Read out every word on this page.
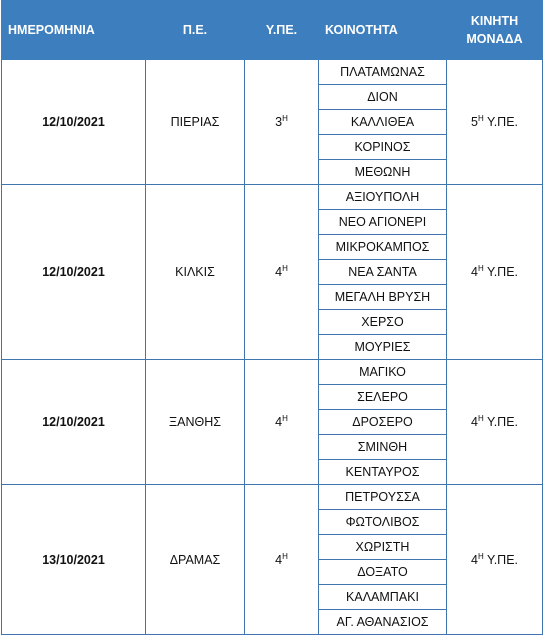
ΗΜΕΡΟΜΗΝΙΑ	Π.Ε.	Υ.ΠΕ.	ΚΟΙΝΟΤΗΤΑ	ΚΙΝΗΤΗ
ΜΟΝΑΔΑ

12/10/2021	ΠΙΕΡΙΑΣ	$3^H$	ΠΛΑΤΑΜΩΝΑΣ	$5^H$ Υ.ΠΕ.
			ΔΙΟΝ	
			ΚΑΛΛΙΘΕΑ	
			ΚΟΡΙΝΟΣ	
			ΜΕΘΩΝΗ	
12/10/2021	ΚΙΛΚΙΣ	$4^H$	ΑΞΙΟΥΠΟΛΗ	$4^H$ Υ.ΠΕ.
			ΝΕΟ ΑΓΙΟΝΕΡΙ	
			ΜΙΚΡΟΚΑΜΠΟΣ	
			ΝΕΑ ΣΑΝΤΑ	
			ΜΕΓΑΛΗ ΒΡΥΣΗ	
			ΧΕΡΣΟ	
			ΜΟΥΡΙΕΣ	
12/10/2021	ΞΑΝΘΗΣ	$4^H$	ΜΑΓΙΚΟ	$4^H$ Υ.ΠΕ.
			ΣΕΛΕΡΟ	
			ΔΡΟΣΕΡΟ	
			ΣΜΙΝΘΗ	
			ΚΕΝΤΑΥΡΟΣ	
13/10/2021	ΔΡΑΜΑΣ	$4^H$	ΠΕΤΡΟΥΣΣΑ	$4^H$ Υ.ΠΕ.
			ΦΩΤΟΛΙΒΟΣ	
			ΧΩΡΙΣΤΗ	
			ΔΟΞΑΤΟ	
			ΚΑΛΑΜΠΑΚΙ	
			ΑΓ. ΑΘΑΝΑΣΙΟΣ	
